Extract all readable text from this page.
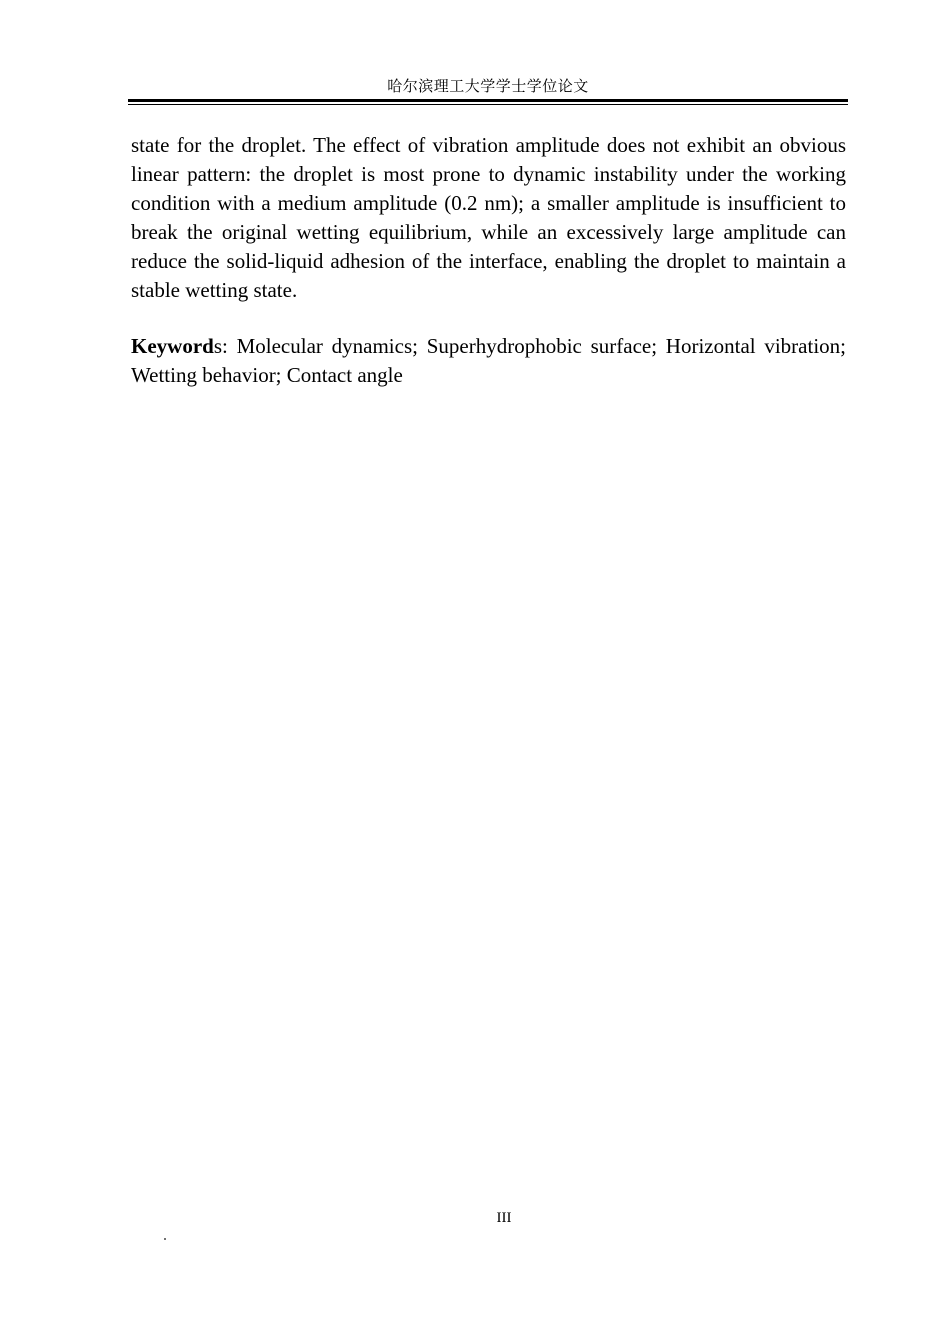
哈尔滨理工大学学士学位论文

state for the droplet. The effect of vibration amplitude does not exhibit an obvious linear pattern: the droplet is most prone to dynamic instability under the working condition with a medium amplitude (0.2 nm); a smaller amplitude is insufficient to break the original wetting equilibrium, while an excessively large amplitude can reduce the solid-liquid adhesion of the interface, enabling the droplet to maintain a stable wetting state.

Keywords: Molecular dynamics; Superhydrophobic surface; Horizontal vibration; Wetting behavior; Contact angle

III
